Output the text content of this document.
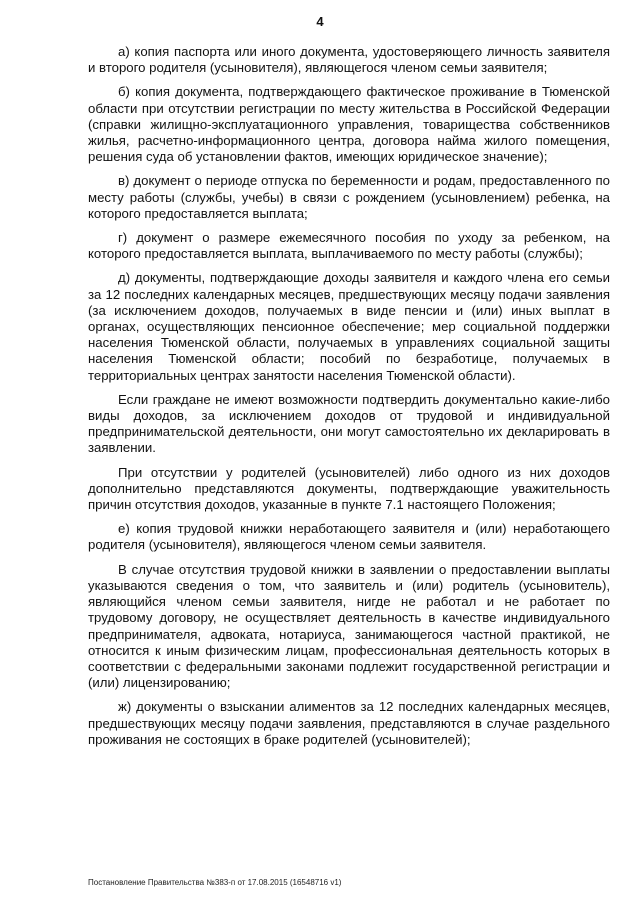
4

а) копия паспорта или иного документа, удостоверяющего личность заявителя и второго родителя (усыновителя), являющегося членом семьи заявителя;

б) копия документа, подтверждающего фактическое проживание в Тюменской области при отсутствии регистрации по месту жительства в Российской Федерации (справки жилищно-эксплуатационного управления, товарищества собственников жилья, расчетно-информационного центра, договора найма жилого помещения, решения суда об установлении фактов, имеющих юридическое значение);

в) документ о периоде отпуска по беременности и родам, предоставленного по месту работы (службы, учебы) в связи с рождением (усыновлением) ребенка, на которого предоставляется выплата;

г) документ о размере ежемесячного пособия по уходу за ребенком, на которого предоставляется выплата, выплачиваемого по месту работы (службы);

д) документы, подтверждающие доходы заявителя и каждого члена его семьи за 12 последних календарных месяцев, предшествующих месяцу подачи заявления (за исключением доходов, получаемых в виде пенсии и (или) иных выплат в органах, осуществляющих пенсионное обеспечение; мер социальной поддержки населения Тюменской области, получаемых в управлениях социальной защиты населения Тюменской области; пособий по безработице, получаемых в территориальных центрах занятости населения Тюменской области).

Если граждане не имеют возможности подтвердить документально какие-либо виды доходов, за исключением доходов от трудовой и индивидуальной предпринимательской деятельности, они могут самостоятельно их декларировать в заявлении.

При отсутствии у родителей (усыновителей) либо одного из них доходов дополнительно представляются документы, подтверждающие уважительность причин отсутствия доходов, указанные в пункте 7.1 настоящего Положения;

е) копия трудовой книжки неработающего заявителя и (или) неработающего родителя (усыновителя), являющегося членом семьи заявителя.

В случае отсутствия трудовой книжки в заявлении о предоставлении выплаты указываются сведения о том, что заявитель и (или) родитель (усыновитель), являющийся членом семьи заявителя, нигде не работал и не работает по трудовому договору, не осуществляет деятельность в качестве индивидуального предпринимателя, адвоката, нотариуса, занимающегося частной практикой, не относится к иным физическим лицам, профессиональная деятельность которых в соответствии с федеральными законами подлежит государственной регистрации и (или) лицензированию;

ж) документы о взыскании алиментов за 12 последних календарных месяцев, предшествующих месяцу подачи заявления, представляются в случае раздельного проживания не состоящих в браке родителей (усыновителей);

Постановление Правительства №383-п от 17.08.2015 (16548716 v1)
